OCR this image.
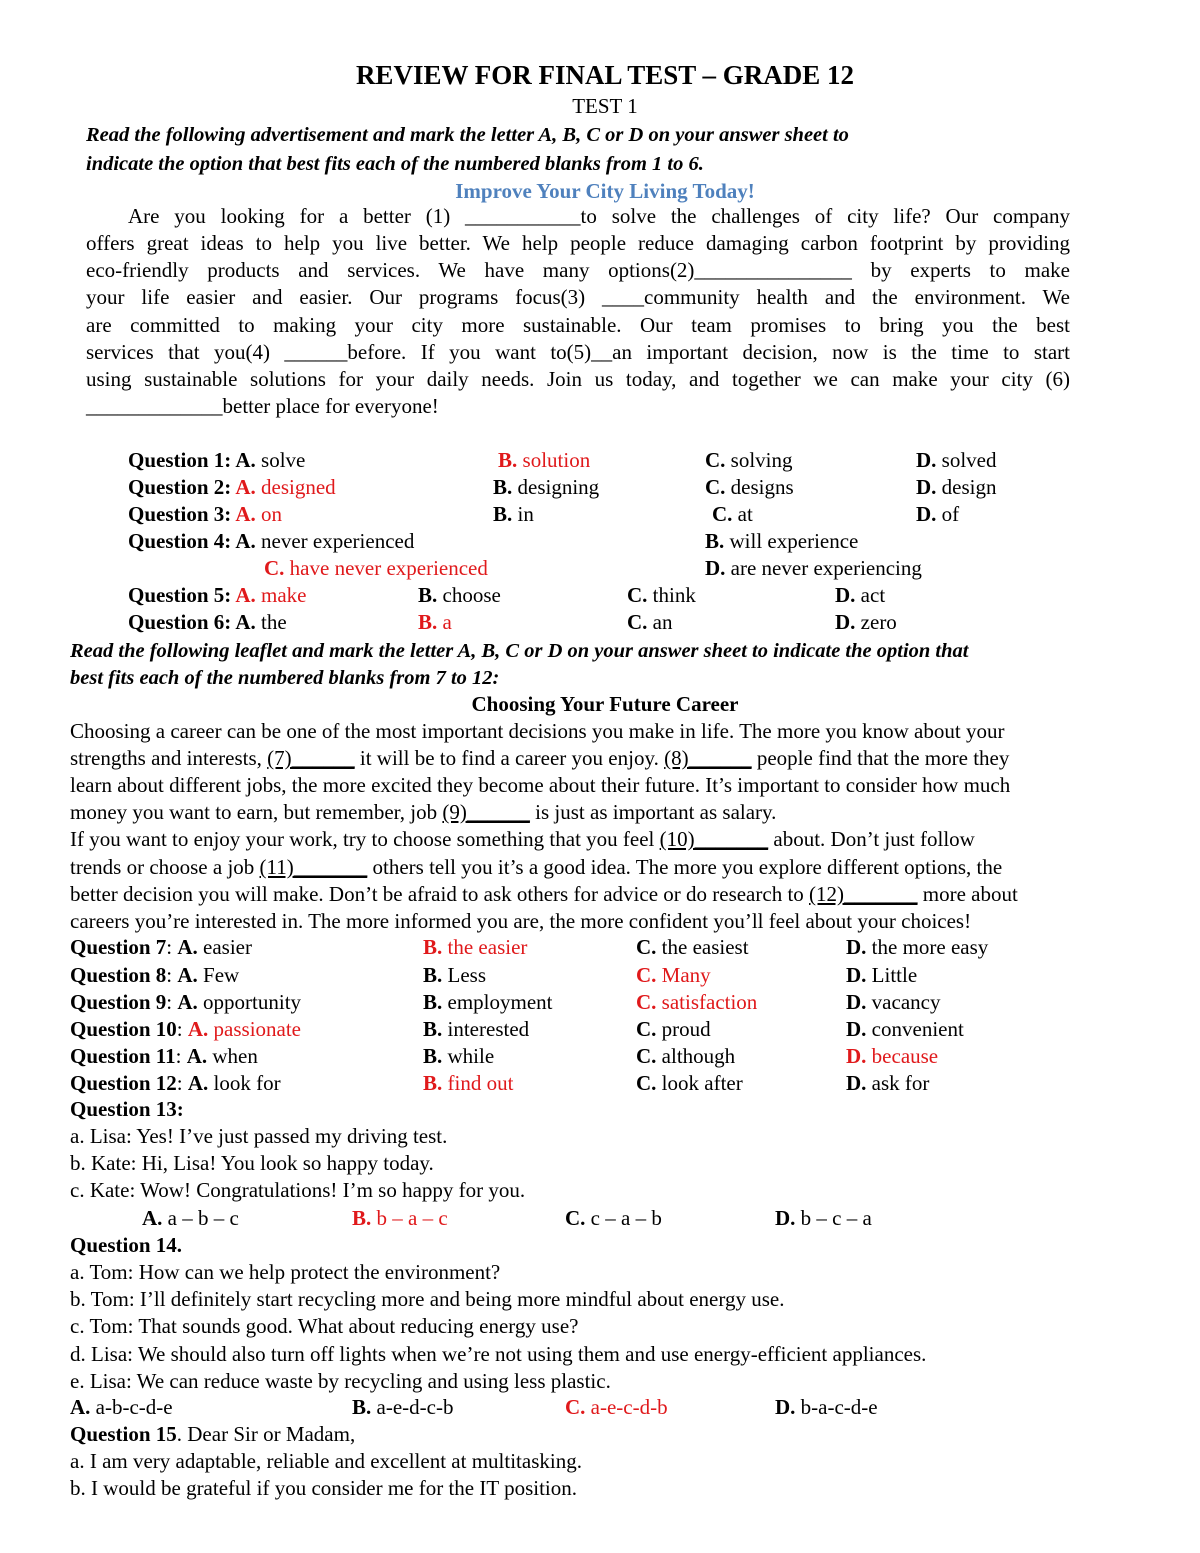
REVIEW FOR FINAL TEST – GRADE 12
TEST 1
Read the following advertisement and mark the letter A, B, C or D on your answer sheet to
indicate the option that best fits each of the numbered blanks from 1 to 6.
Improve Your City Living Today!
Are you looking for a better (1) ___________to solve the challenges of city life? Our company
offers great ideas to help you live better. We help people reduce damaging carbon footprint by providing
eco-friendly products and services. We have many options(2)_______________ by experts to make
your life easier and easier. Our programs focus(3) ____community health and the environment. We
are committed to making your city more sustainable. Our team promises to bring you the best
services that you(4) ______before. If you want to(5)__an important decision, now is the time to start
using sustainable solutions for your daily needs. Join us today, and together we can make your city (6)
_____________better place for everyone!
Question 1: A. solve	B. solution	C. solving	D. solved
Question 2: A. designed	B. designing	C. designs	D. design
Question 3: A. on	B. in	C. at	D. of
Question 4: A. never experienced	B. will experience
C. have never experienced	D. are never experiencing
Question 5: A. make	B. choose	C. think	D. act
Question 6: A. the	B. a	C. an	D. zero
Read the following leaflet and mark the letter A, B, C or D on your answer sheet to indicate the option that
best fits each of the numbered blanks from 7 to 12:
Choosing Your Future Career
Choosing a career can be one of the most important decisions you make in life. The more you know about your
strengths and interests, (7)______ it will be to find a career you enjoy. (8)______ people find that the more they
learn about different jobs, the more excited they become about their future. It’s important to consider how much
money you want to earn, but remember, job (9)______ is just as important as salary.
If you want to enjoy your work, try to choose something that you feel (10)_______ about. Don’t just follow
trends or choose a job (11)_______ others tell you it’s a good idea. The more you explore different options, the
better decision you will make. Don’t be afraid to ask others for advice or do research to (12)_______ more about
careers you’re interested in. The more informed you are, the more confident you’ll feel about your choices!
Question 7: A. easier	B. the easier	C. the easiest	D. the more easy
Question 8: A. Few	B. Less	C. Many	D. Little
Question 9: A. opportunity	B. employment	C. satisfaction	D. vacancy
Question 10: A. passionate	B. interested	C. proud	D. convenient
Question 11: A. when	B. while	C. although	D. because
Question 12: A. look for	B. find out	C. look after	D. ask for
Question 13:
a. Lisa: Yes! I’ve just passed my driving test.
b. Kate: Hi, Lisa! You look so happy today.
c. Kate: Wow! Congratulations! I’m so happy for you.
A. a – b – c	B. b – a – c	C. c – a – b	D. b – c – a
Question 14.
a. Tom: How can we help protect the environment?
b. Tom: I’ll definitely start recycling more and being more mindful about energy use.
c. Tom: That sounds good. What about reducing energy use?
d. Lisa: We should also turn off lights when we’re not using them and use energy-efficient appliances.
e. Lisa: We can reduce waste by recycling and using less plastic.
A. a-b-c-d-e	B. a-e-d-c-b	C. a-e-c-d-b	D. b-a-c-d-e
Question 15. Dear Sir or Madam,
a. I am very adaptable, reliable and excellent at multitasking.
b. I would be grateful if you consider me for the IT position.
